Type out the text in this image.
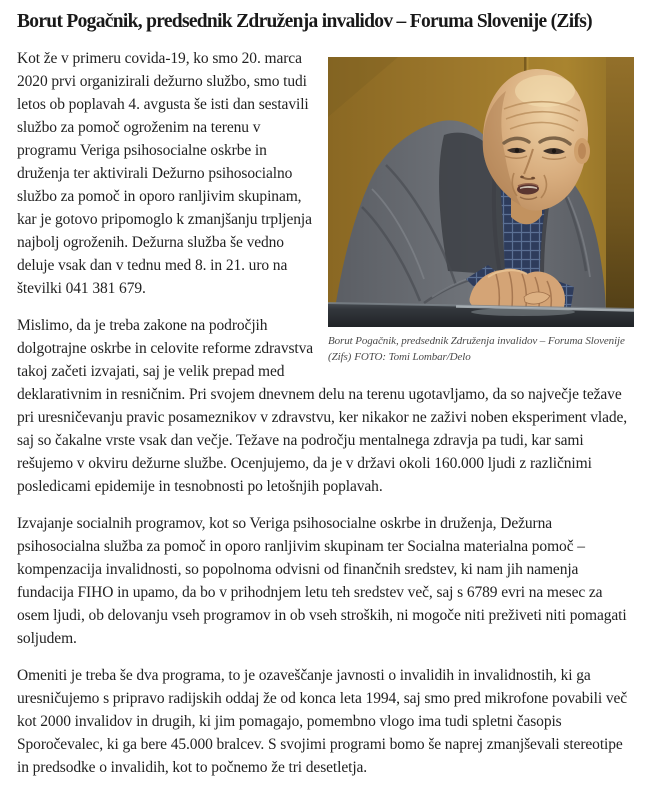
Borut Pogačnik, predsednik Združenja invalidov – Foruma Slovenije (Zifs)
Borut Pogačnik, predsednik Združenja invalidov – Foruma Slovenije (Zifs) FOTO: Tomi Lombar/Delo

Kot že v primeru covida-19, ko smo 20. marca 2020 prvi organizirali dežurno službo, smo tudi letos ob poplavah 4. avgusta še isti dan sestavili službo za pomoč ogroženim na terenu v programu Veriga psihosocialne oskrbe in druženja ter aktivirali Dežurno psihosocialno službo za pomoč in oporo ranljivim skupinam, kar je gotovo pripomoglo k zmanjšanju trpljenja najbolj ogroženih. Dežurna služba še vedno deluje vsak dan v tednu med 8. in 21. uro na številki 041 381 679.

Mislimo, da je treba zakone na področjih dolgotrajne oskrbe in celovite reforme zdravstva takoj začeti izvajati, saj je velik prepad med deklarativnim in resničnim. Pri svojem dnevnem delu na terenu ugotavljamo, da so največje težave pri uresničevanju pravic posameznikov v zdravstvu, ker nikakor ne zaživi noben eksperiment vlade, saj so čakalne vrste vsak dan večje. Težave na področju mentalnega zdravja pa tudi, kar sami rešujemo v okviru dežurne službe. Ocenjujemo, da je v državi okoli 160.000 ljudi z različnimi posledicami epidemije in tesnobnosti po letošnjih poplavah.

Izvajanje socialnih programov, kot so Veriga psihosocialne oskrbe in druženja, Dežurna psihosocialna služba za pomoč in oporo ranljivim skupinam ter Socialna materialna pomoč – kompenzacija invalidnosti, so popolnoma odvisni od finančnih sredstev, ki nam jih namenja fundacija FIHO in upamo, da bo v prihodnjem letu teh sredstev več, saj s 6789 evri na mesec za osem ljudi, ob delovanju vseh programov in ob vseh stroških, ni mogoče niti preživeti niti pomagati soljudem.

Omeniti je treba še dva programa, to je ozaveščanje javnosti o invalidih in invalidnostih, ki ga uresničujemo s pripravo radijskih oddaj že od konca leta 1994, saj smo pred mikrofone povabili več kot 2000 invalidov in drugih, ki jim pomagajo, pomembno vlogo ima tudi spletni časopis Sporočevalec, ki ga bere 45.000 bralcev. S svojimi programi bomo še naprej zmanjševali stereotipe in predsodke o invalidih, kot to počnemo že tri desetletja.
